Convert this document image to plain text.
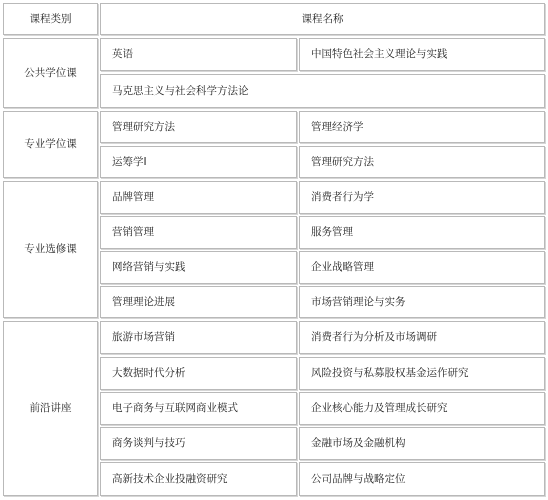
课程类别	课程名称
公共学位课
英语	中国特色社会主义理论与实践
马克思主义与社会科学方法论
专业学位课
管理研究方法	管理经济学
运筹学I	管理研究方法
专业选修课
品牌管理	消费者行为学
营销管理	服务管理
网络营销与实践	企业战略管理
管理理论进展	市场营销理论与实务
前沿讲座
旅游市场营销	消费者行为分析及市场调研
大数据时代分析	风险投资与私募股权基金运作研究
电子商务与互联网商业模式	企业核心能力及管理成长研究
商务谈判与技巧	金融市场及金融机构
高新技术企业投融资研究	公司品牌与战略定位
